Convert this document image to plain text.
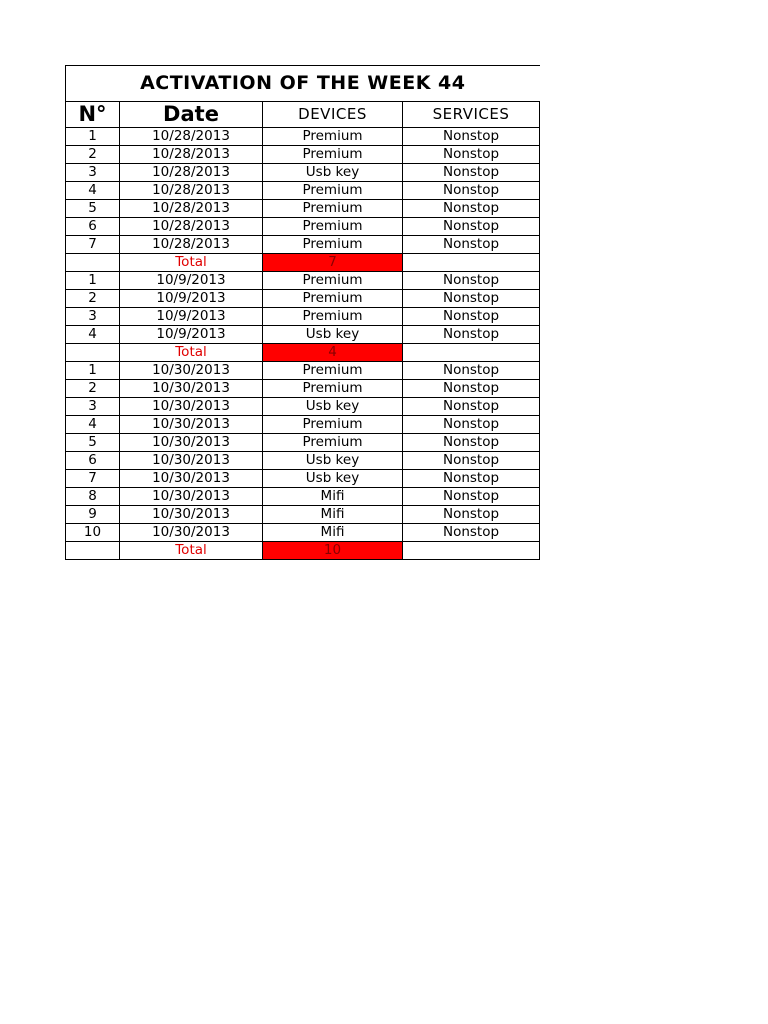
ACTIVATION OF THE WEEK 44			
N°	Date	DEVICES	SERVICES
1	10/28/2013	Premium	Nonstop
2	10/28/2013	Premium	Nonstop
3	10/28/2013	Usb key	Nonstop
4	10/28/2013	Premium	Nonstop
5	10/28/2013	Premium	Nonstop
6	10/28/2013	Premium	Nonstop
7	10/28/2013	Premium	Nonstop
	Total	7	
1	10/9/2013	Premium	Nonstop
2	10/9/2013	Premium	Nonstop
3	10/9/2013	Premium	Nonstop
4	10/9/2013	Usb key	Nonstop
	Total	4	
1	10/30/2013	Premium	Nonstop
2	10/30/2013	Premium	Nonstop
3	10/30/2013	Usb key	Nonstop
4	10/30/2013	Premium	Nonstop
5	10/30/2013	Premium	Nonstop
6	10/30/2013	Usb key	Nonstop
7	10/30/2013	Usb key	Nonstop
8	10/30/2013	Mifi	Nonstop
9	10/30/2013	Mifi	Nonstop
10	10/30/2013	Mifi	Nonstop
	Total	10	
